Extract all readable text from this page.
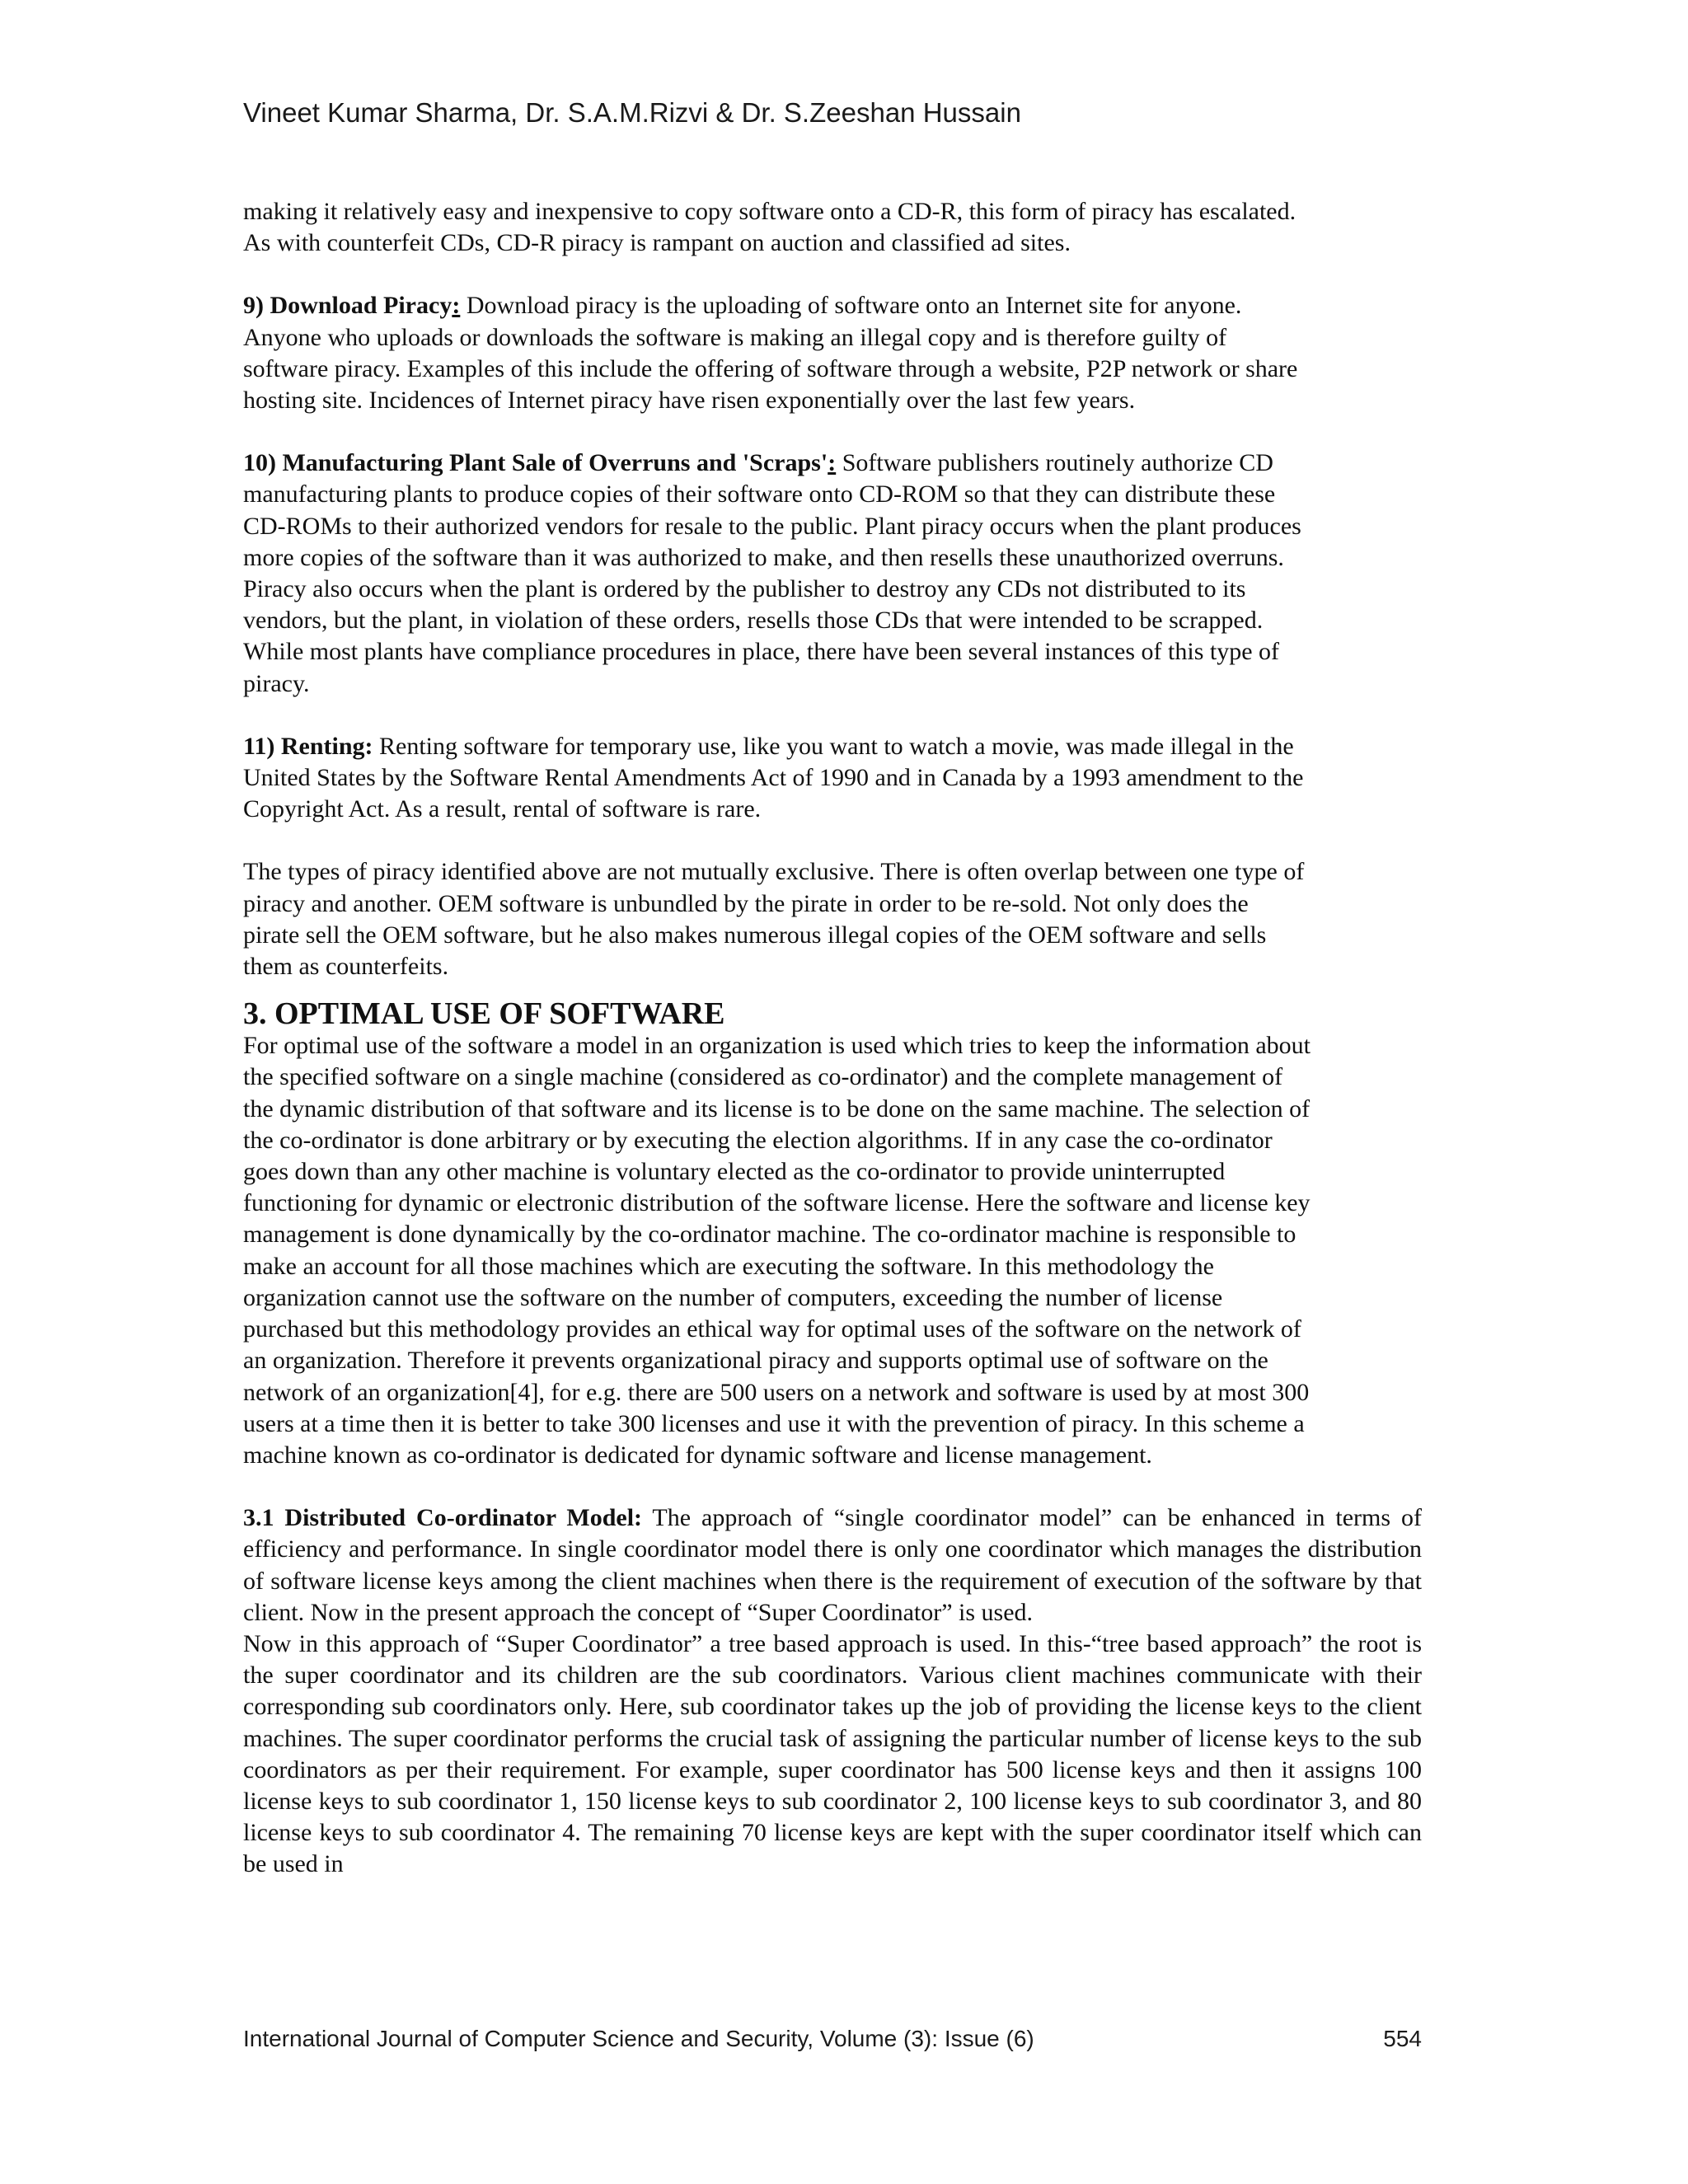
Vineet Kumar Sharma, Dr. S.A.M.Rizvi & Dr. S.Zeeshan Hussain

making it relatively easy and inexpensive to copy software onto a CD-R, this form of piracy has escalated.
As with counterfeit CDs, CD-R piracy is rampant on auction and classified ad sites.

9) Download Piracy: Download piracy is the uploading of software onto an Internet site for anyone.
Anyone who uploads or downloads the software is making an illegal copy and is therefore guilty of
software piracy. Examples of this include the offering of software through a website, P2P network or share
hosting site. Incidences of Internet piracy have risen exponentially over the last few years.

10) Manufacturing Plant Sale of Overruns and 'Scraps': Software publishers routinely authorize CD
manufacturing plants to produce copies of their software onto CD-ROM so that they can distribute these
CD-ROMs to their authorized vendors for resale to the public. Plant piracy occurs when the plant produces
more copies of the software than it was authorized to make, and then resells these unauthorized overruns.
Piracy also occurs when the plant is ordered by the publisher to destroy any CDs not distributed to its
vendors, but the plant, in violation of these orders, resells those CDs that were intended to be scrapped.
While most plants have compliance procedures in place, there have been several instances of this type of
piracy.

11) Renting: Renting software for temporary use, like you want to watch a movie, was made illegal in the
United States by the Software Rental Amendments Act of 1990 and in Canada by a 1993 amendment to the
Copyright Act. As a result, rental of software is rare.

The types of piracy identified above are not mutually exclusive. There is often overlap between one type of
piracy and another. OEM software is unbundled by the pirate in order to be re-sold. Not only does the
pirate sell the OEM software, but he also makes numerous illegal copies of the OEM software and sells
them as counterfeits.

3. OPTIMAL USE OF SOFTWARE

For optimal use of the software a model in an organization is used which tries to keep the information about
the specified software on a single machine (considered as co-ordinator) and the complete management of
the dynamic distribution of that software and its license is to be done on the same machine. The selection of
the co-ordinator is done arbitrary or by executing the election algorithms. If in any case the co-ordinator
goes down than any other machine is voluntary elected as the co-ordinator to provide uninterrupted
functioning for dynamic or electronic distribution of the software license. Here the software and license key
management is done dynamically by the co-ordinator machine. The co-ordinator machine is responsible to
make an account for all those machines which are executing the software. In this methodology the
organization cannot use the software on the number of computers, exceeding the number of license
purchased but this methodology provides an ethical way for optimal uses of the software on the network of
an organization. Therefore it prevents organizational piracy and supports optimal use of software on the
network of an organization[4], for e.g. there are 500 users on a network and software is used by at most 300
users at a time then it is better to take 300 licenses and use it with the prevention of piracy. In this scheme a
machine known as co-ordinator is dedicated for dynamic software and license management.

3.1 Distributed Co-ordinator Model: The approach of “single coordinator model” can be enhanced in terms of efficiency and performance. In single coordinator model there is only one coordinator which manages the distribution of software license keys among the client machines when there is the requirement of execution of the software by that client. Now in the present approach the concept of “Super Coordinator” is used.

Now in this approach of “Super Coordinator” a tree based approach is used. In this-“tree based approach” the root is the super coordinator and its children are the sub coordinators. Various client machines communicate with their corresponding sub coordinators only. Here, sub coordinator takes up the job of providing the license keys to the client machines. The super coordinator performs the crucial task of assigning the particular number of license keys to the sub coordinators as per their requirement. For example, super coordinator has 500 license keys and then it assigns 100 license keys to sub coordinator 1, 150 license keys to sub coordinator 2, 100 license keys to sub coordinator 3, and 80 license keys to sub coordinator 4. The remaining 70 license keys are kept with the super coordinator itself which can be used in

International Journal of Computer Science and Security, Volume (3): Issue (6)	554
